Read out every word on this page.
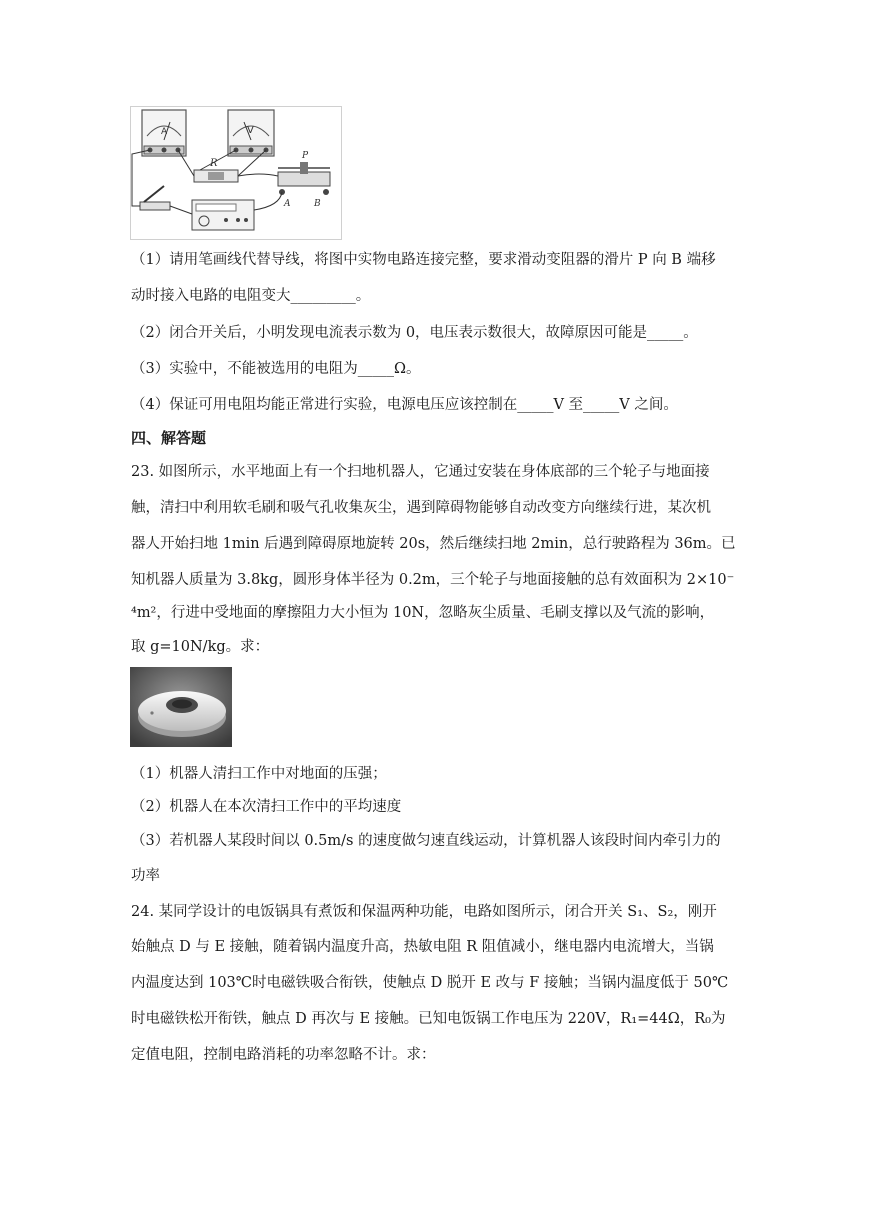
A	V
R
P
A	B
（1）请用笔画线代替导线，将图中实物电路连接完整，要求滑动变阻器的滑片 P 向 B 端移
动时接入电路的电阻变大_________。
（2）闭合开关后，小明发现电流表示数为 0，电压表示数很大，故障原因可能是_____。
（3）实验中，不能被选用的电阻为_____Ω。
（4）保证可用电阻均能正常进行实验，电源电压应该控制在_____V 至_____V 之间。
四、解答题
23. 如图所示，水平地面上有一个扫地机器人，它通过安装在身体底部的三个轮子与地面接
触，清扫中利用软毛刷和吸气孔收集灰尘，遇到障碍物能够自动改变方向继续行进，某次机
器人开始扫地 1min 后遇到障碍原地旋转 20s，然后继续扫地 2min，总行驶路程为 36m。已
知机器人质量为 3.8kg，圆形身体半径为 0.2m，三个轮子与地面接触的总有效面积为 2×10⁻
⁴m²，行进中受地面的摩擦阻力大小恒为 10N，忽略灰尘质量、毛刷支撑以及气流的影响，
取 g=10N/kg。求：
（1）机器人清扫工作中对地面的压强；
（2）机器人在本次清扫工作中的平均速度
（3）若机器人某段时间以 0.5m/s 的速度做匀速直线运动，计算机器人该段时间内牵引力的
功率
24. 某同学设计的电饭锅具有煮饭和保温两种功能，电路如图所示，闭合开关 S₁、S₂，刚开
始触点 D 与 E 接触，随着锅内温度升高，热敏电阻 R 阻值减小，继电器内电流增大，当锅
内温度达到 103℃时电磁铁吸合衔铁，使触点 D 脱开 E 改与 F 接触；当锅内温度低于 50℃
时电磁铁松开衔铁，触点 D 再次与 E 接触。已知电饭锅工作电压为 220V，R₁=44Ω，R₀为
定值电阻，控制电路消耗的功率忽略不计。求：
